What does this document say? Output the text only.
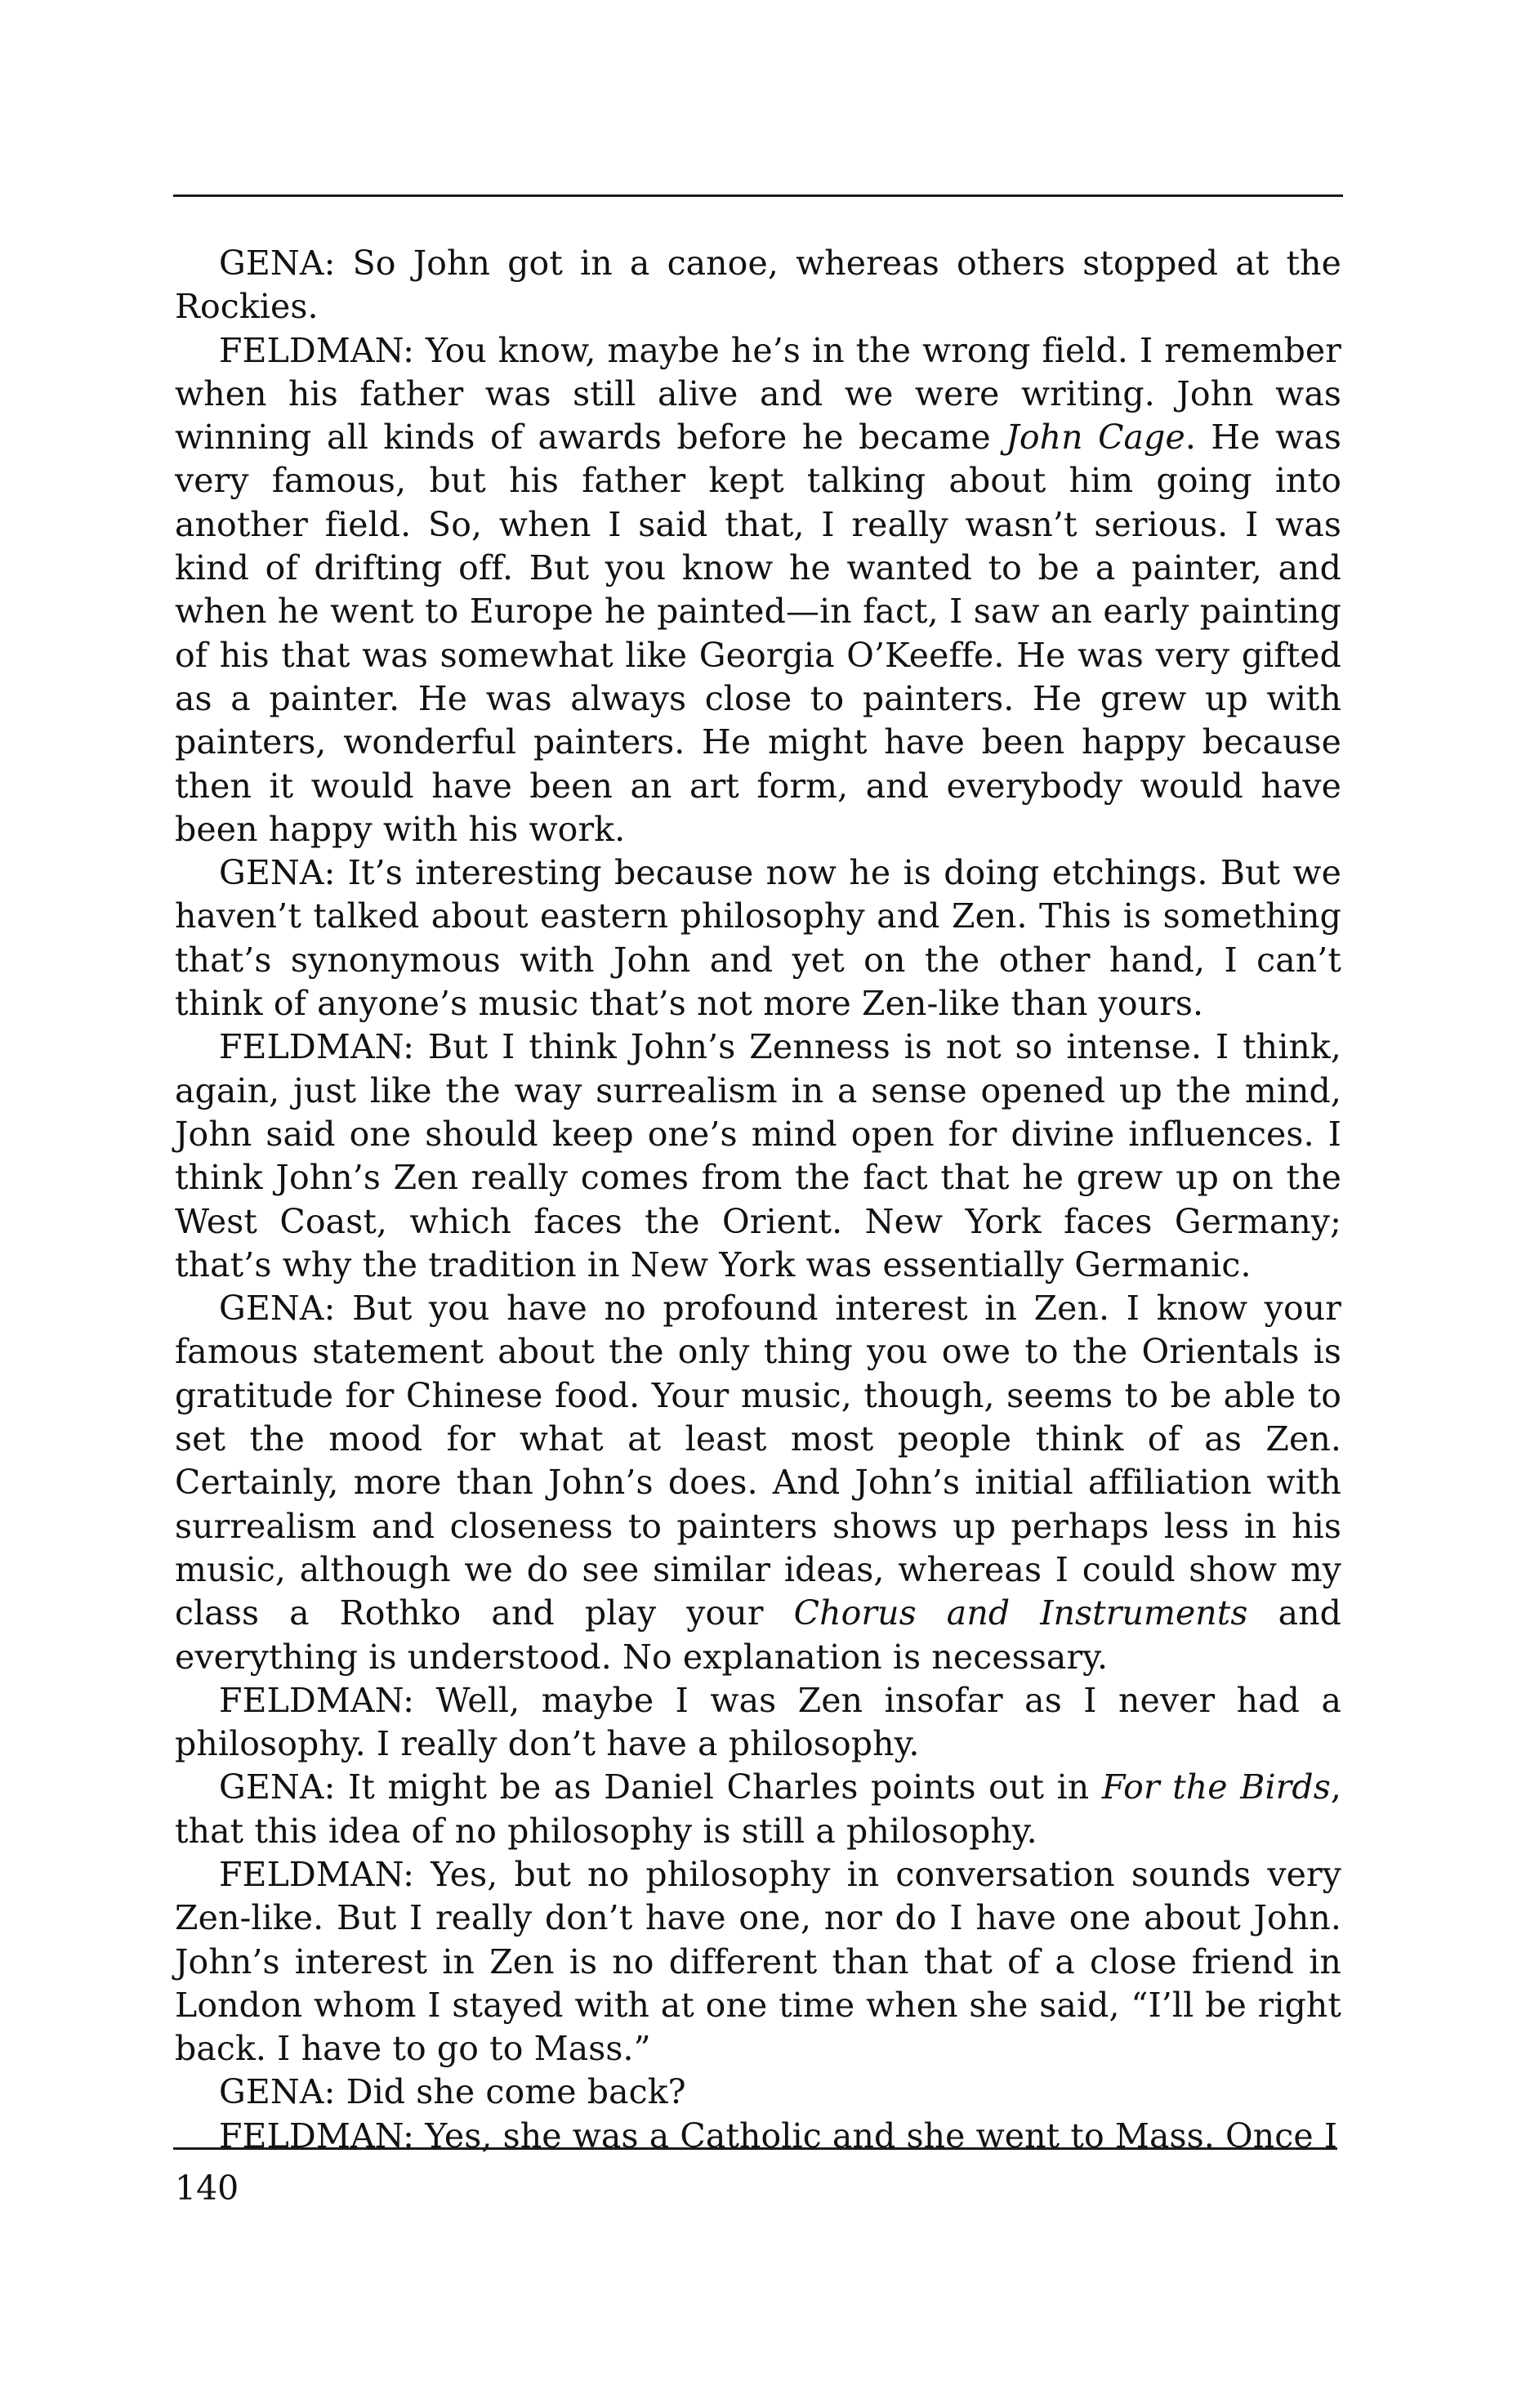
GENA: So John got in a canoe, whereas others stopped at the Rockies.

FELDMAN: You know, maybe he’s in the wrong field. I remember when his father was still alive and we were writing. John was winning all kinds of awards before he became John Cage. He was very famous, but his father kept talking about him going into another field. So, when I said that, I really wasn’t serious. I was kind of drifting off. But you know he wanted to be a painter, and when he went to Europe he painted—in fact, I saw an early painting of his that was somewhat like Georgia O’Keeffe. He was very gifted as a painter. He was always close to painters. He grew up with painters, wonderful painters. He might have been happy because then it would have been an art form, and everybody would have been happy with his work.

GENA: It’s interesting because now he is doing etchings. But we haven’t talked about eastern philosophy and Zen. This is something that’s synonymous with John and yet on the other hand, I can’t think of anyone’s music that’s not more Zen-like than yours.

FELDMAN: But I think John’s Zenness is not so intense. I think, again, just like the way surrealism in a sense opened up the mind, John said one should keep one’s mind open for divine influences. I think John’s Zen really comes from the fact that he grew up on the West Coast, which faces the Orient. New York faces Germany; that’s why the tradition in New York was essentially Germanic.

GENA: But you have no profound interest in Zen. I know your famous statement about the only thing you owe to the Orientals is gratitude for Chinese food. Your music, though, seems to be able to set the mood for what at least most people think of as Zen. Certainly, more than John’s does. And John’s initial affiliation with surrealism and closeness to painters shows up perhaps less in his music, although we do see similar ideas, whereas I could show my class a Rothko and play your Chorus and Instruments and everything is understood. No explanation is necessary.

FELDMAN: Well, maybe I was Zen insofar as I never had a philosophy. I really don’t have a philosophy.

GENA: It might be as Daniel Charles points out in For the Birds, that this idea of no philosophy is still a philosophy.

FELDMAN: Yes, but no philosophy in conversation sounds very Zen-like. But I really don’t have one, nor do I have one about John. John’s interest in Zen is no different than that of a close friend in London whom I stayed with at one time when she said, “I’ll be right back. I have to go to Mass.”

GENA: Did she come back?

FELDMAN: Yes, she was a Catholic and she went to Mass. Once I

140
